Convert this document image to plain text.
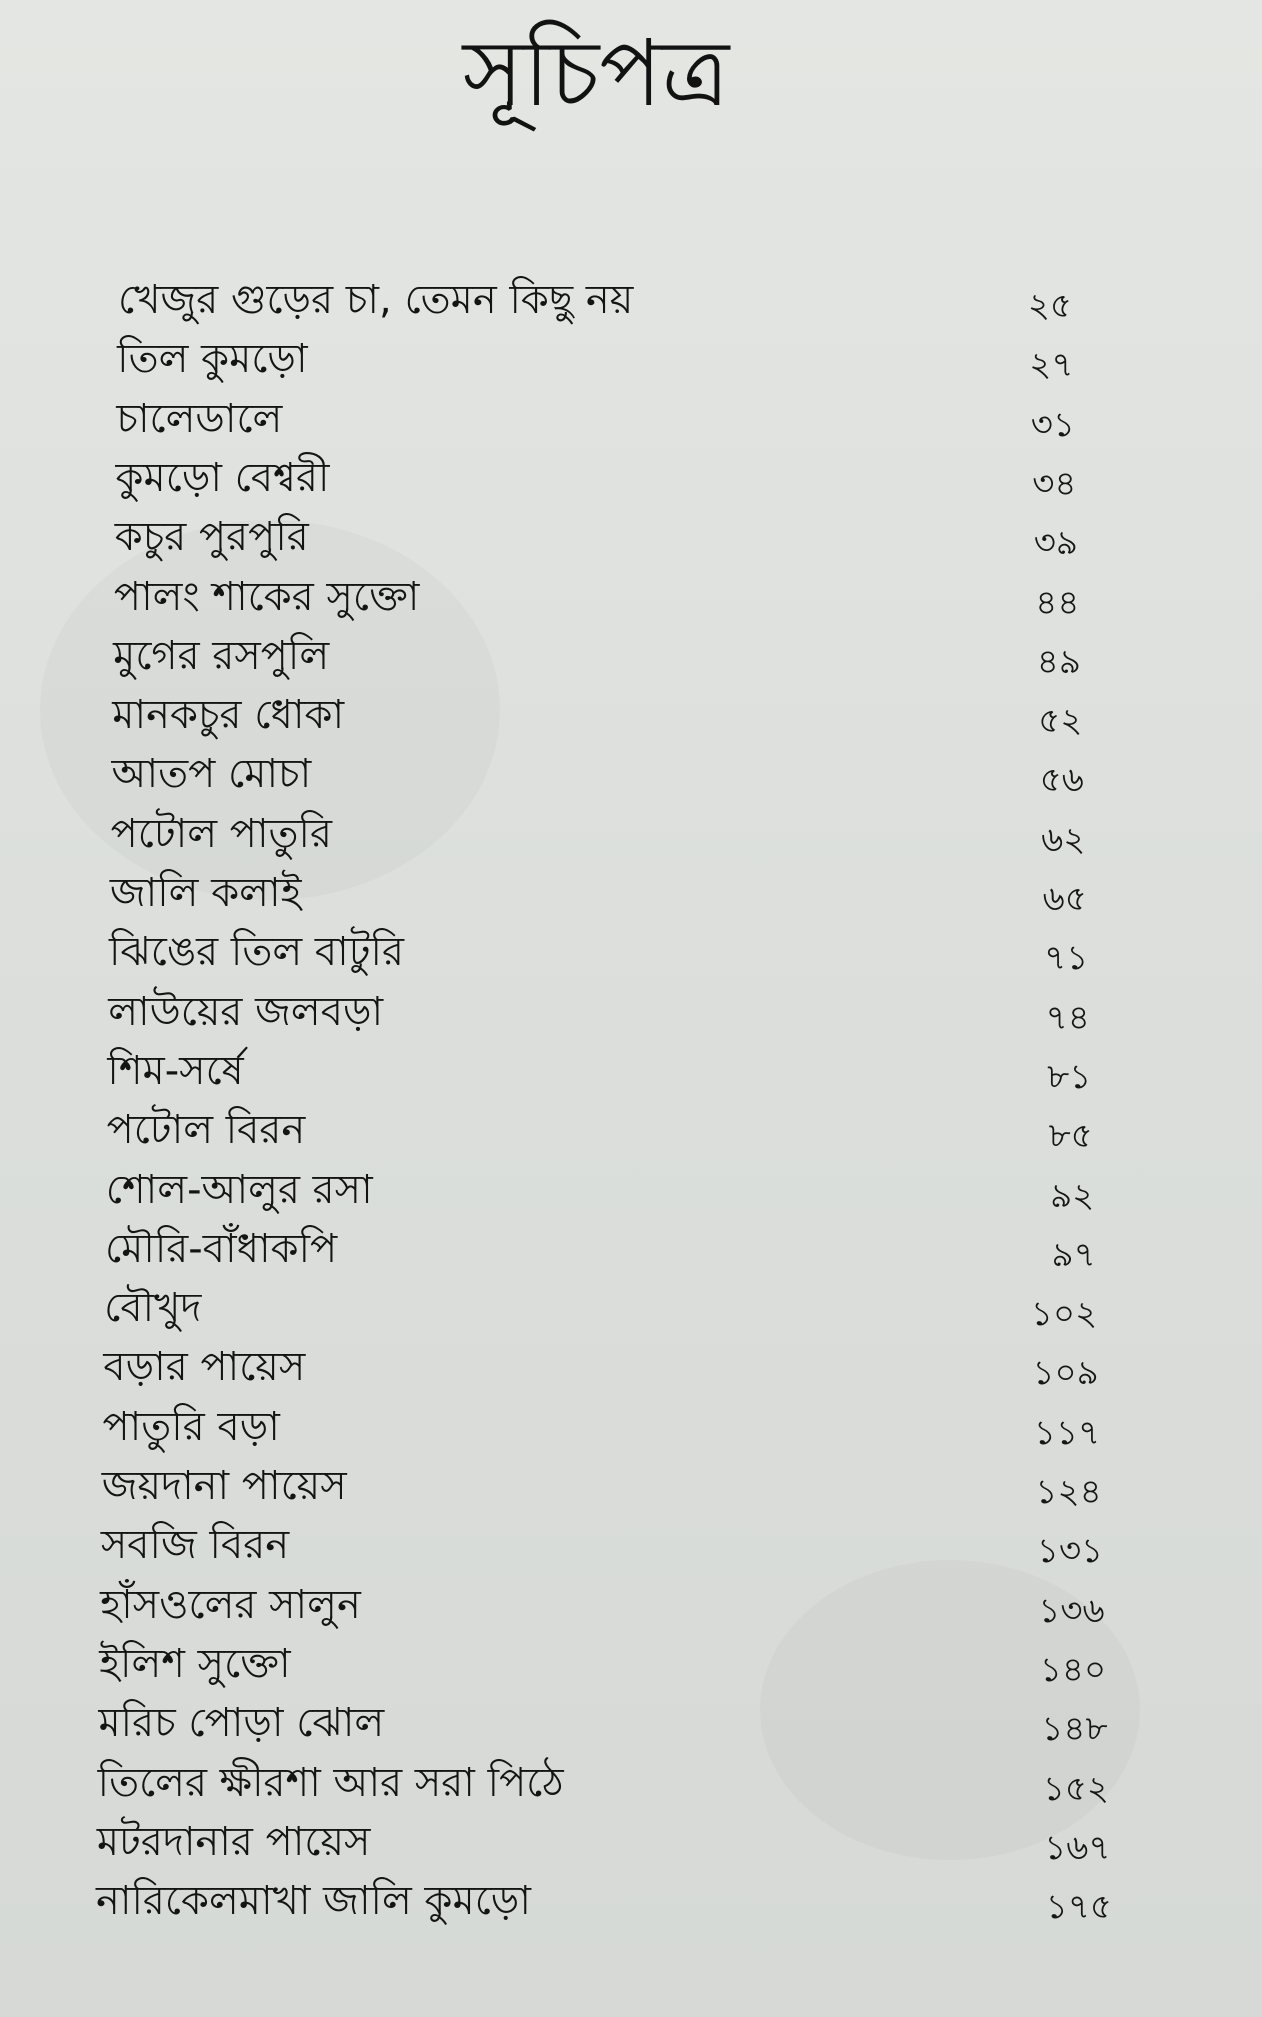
সূচিপত্র
খেজুর গুড়ের চা, তেমন কিছু নয়	২৫
তিল কুমড়ো	২৭
চালেডালে	৩১
কুমড়ো বেশ্বরী	৩৪
কচুর পুরপুরি	৩৯
পালং শাকের সুক্তো	৪৪
মুগের রসপুলি	৪৯
মানকচুর ধোকা	৫২
আতপ মোচা	৫৬
পটোল পাতুরি	৬২
জালি কলাই	৬৫
ঝিঙের তিল বাটুরি	৭১
লাউয়ের জলবড়া	৭৪
শিম-সর্ষে	৮১
পটোল বিরন	৮৫
শোল-আলুর রসা	৯২
মৌরি-বাঁধাকপি	৯৭
বৌখুদ	১০২
বড়ার পায়েস	১০৯
পাতুরি বড়া	১১৭
জয়দানা পায়েস	১২৪
সবজি বিরন	১৩১
হাঁসওলের সালুন	১৩৬
ইলিশ সুক্তো	১৪০
মরিচ পোড়া ঝোল	১৪৮
তিলের ক্ষীরশা আর সরা পিঠে	১৫২
মটরদানার পায়েস	১৬৭
নারিকেলমাখা জালি কুমড়ো	১৭৫
